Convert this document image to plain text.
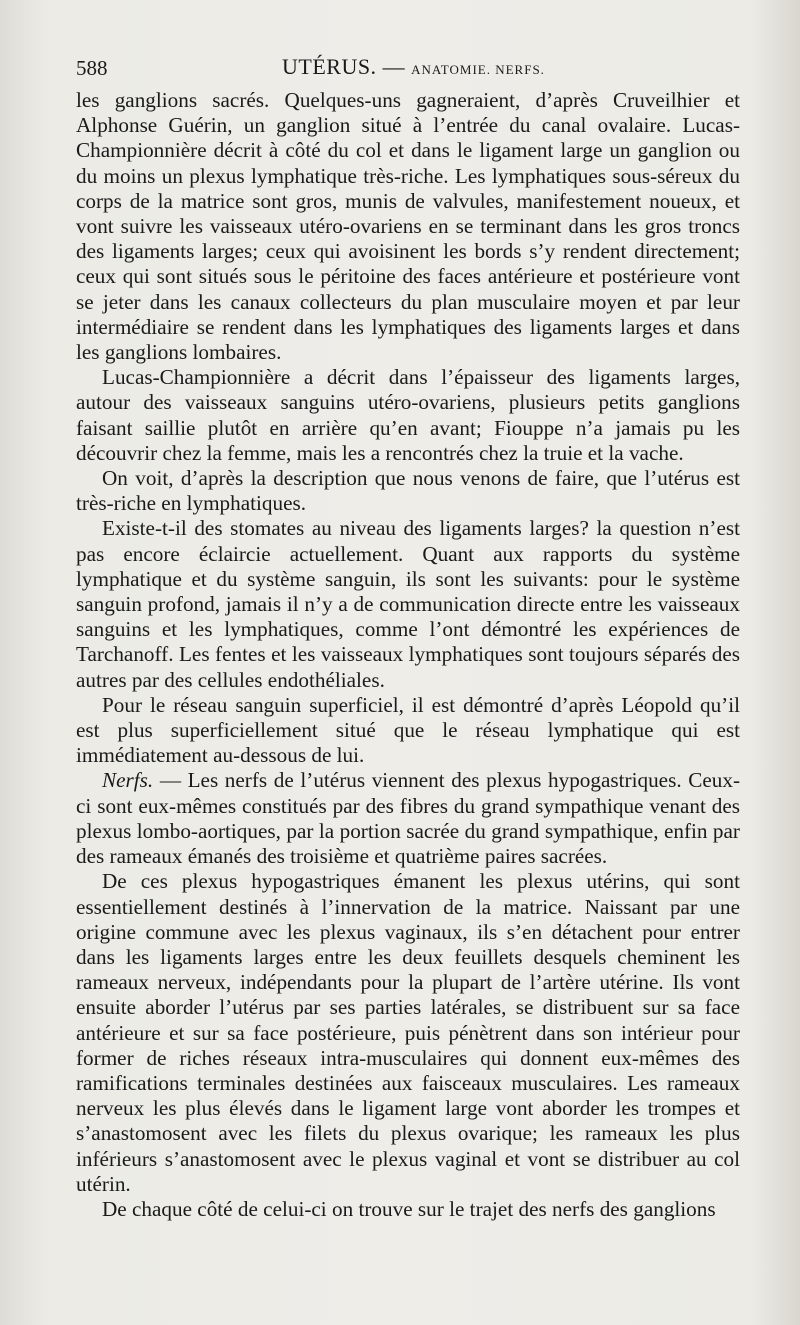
588	UTÉRUS. — ANATOMIE. NERFS.

les ganglions sacrés. Quelques-uns gagneraient, d’après Cruveilhier et Alphonse Guérin, un ganglion situé à l’entrée du canal ovalaire. Lucas-Championnière décrit à côté du col et dans le ligament large un ganglion ou du moins un plexus lymphatique très-riche. Les lymphatiques sous-séreux du corps de la matrice sont gros, munis de valvules, manifestement noueux, et vont suivre les vaisseaux utéro-ovariens en se terminant dans les gros troncs des ligaments larges; ceux qui avoisinent les bords s’y rendent directement; ceux qui sont situés sous le péritoine des faces antérieure et postérieure vont se jeter dans les canaux collecteurs du plan musculaire moyen et par leur intermédiaire se rendent dans les lymphatiques des ligaments larges et dans les ganglions lombaires.

Lucas-Championnière a décrit dans l’épaisseur des ligaments larges, autour des vaisseaux sanguins utéro-ovariens, plusieurs petits ganglions faisant saillie plutôt en arrière qu’en avant; Fiouppe n’a jamais pu les découvrir chez la femme, mais les a rencontrés chez la truie et la vache.

On voit, d’après la description que nous venons de faire, que l’utérus est très-riche en lymphatiques.

Existe-t-il des stomates au niveau des ligaments larges? la question n’est pas encore éclaircie actuellement. Quant aux rapports du système lymphatique et du système sanguin, ils sont les suivants: pour le système sanguin profond, jamais il n’y a de communication directe entre les vaisseaux sanguins et les lymphatiques, comme l’ont démontré les expériences de Tarchanoff. Les fentes et les vaisseaux lymphatiques sont toujours séparés des autres par des cellules endothéliales.

Pour le réseau sanguin superficiel, il est démontré d’après Léopold qu’il est plus superficiellement situé que le réseau lymphatique qui est immédiatement au-dessous de lui.

Nerfs. — Les nerfs de l’utérus viennent des plexus hypogastriques. Ceux-ci sont eux-mêmes constitués par des fibres du grand sympathique venant des plexus lombo-aortiques, par la portion sacrée du grand sympathique, enfin par des rameaux émanés des troisième et quatrième paires sacrées.

De ces plexus hypogastriques émanent les plexus utérins, qui sont essentiellement destinés à l’innervation de la matrice. Naissant par une origine commune avec les plexus vaginaux, ils s’en détachent pour entrer dans les ligaments larges entre les deux feuillets desquels cheminent les rameaux nerveux, indépendants pour la plupart de l’artère utérine. Ils vont ensuite aborder l’utérus par ses parties latérales, se distribuent sur sa face antérieure et sur sa face postérieure, puis pénètrent dans son intérieur pour former de riches réseaux intra-musculaires qui donnent eux-mêmes des ramifications terminales destinées aux faisceaux musculaires. Les rameaux nerveux les plus élevés dans le ligament large vont aborder les trompes et s’anastomosent avec les filets du plexus ovarique; les rameaux les plus inférieurs s’anastomosent avec le plexus vaginal et vont se distribuer au col utérin.

De chaque côté de celui-ci on trouve sur le trajet des nerfs des ganglions
